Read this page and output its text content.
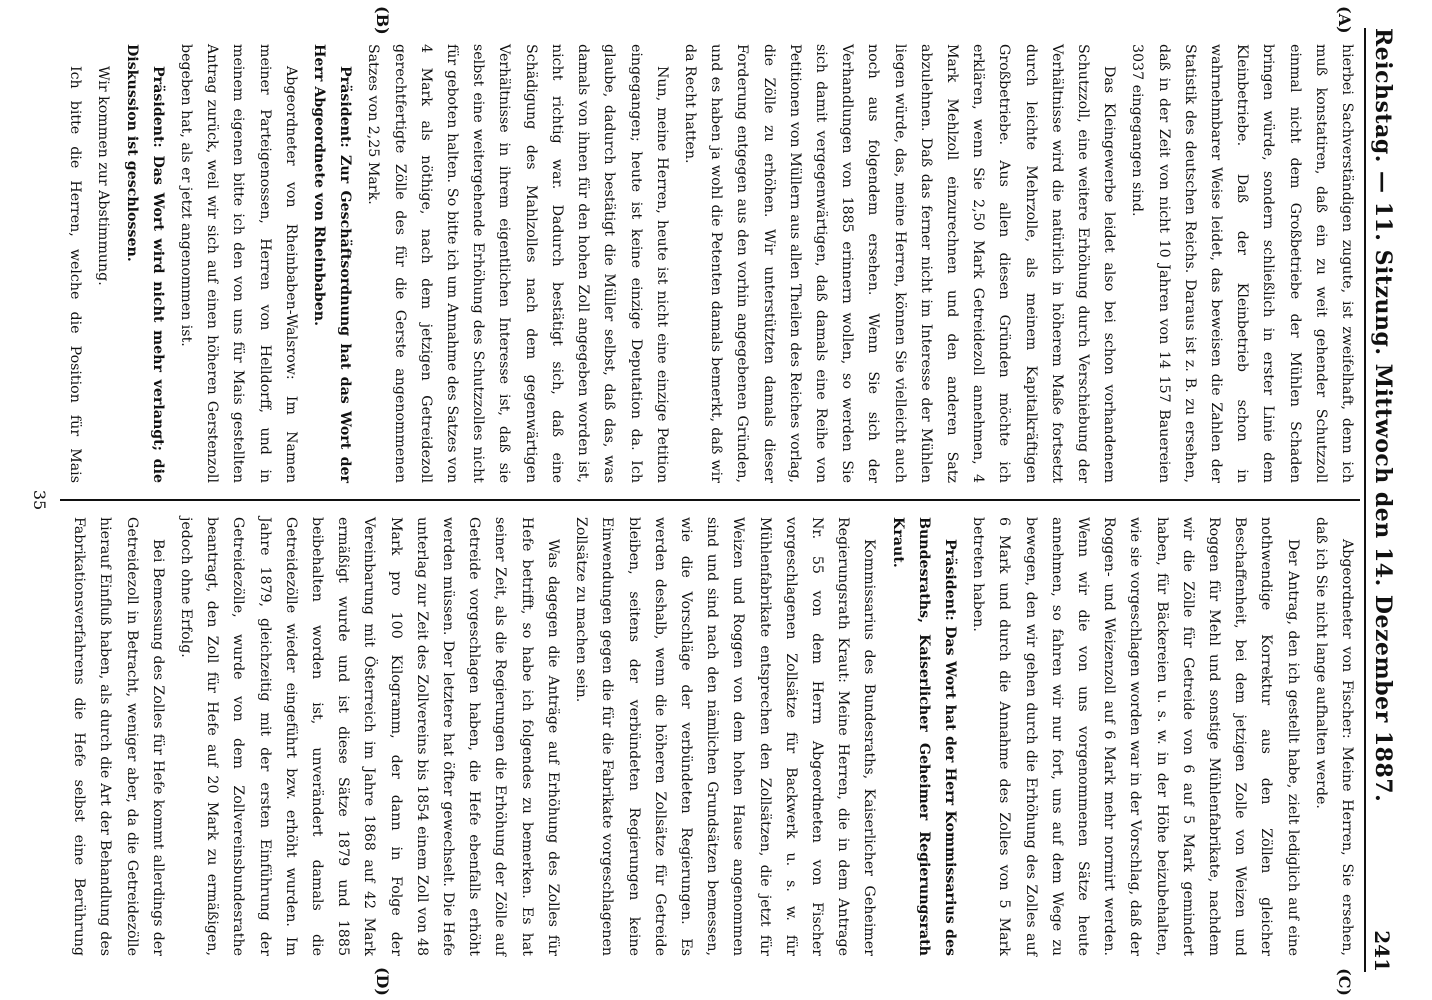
Reichstag. — 11. Sitzung. Mittwoch den 14. Dezember 1887.
241
(A)
(B)
(C)
(D)

hierbei Sachverständigen zugute, ist zweifelhaft, denn ich muß konstatiren, daß ein zu weit gehender Schutzzoll einmal nicht dem Großbetriebe der Mühlen Schaden bringen würde, sondern schließlich in erster Linie dem Kleinbetriebe. Daß der Kleinbetrieb schon in wahrnehmbarer Weise leidet, das beweisen die Zahlen der Statistik des deutschen Reichs. Daraus ist z. B. zu ersehen, daß in der Zeit von nicht 10 Jahren von 14 157 Bauereien 3037 eingegangen sind.

Das Kleingewerbe leidet also bei schon vorhandenem Schutzzoll, eine weitere Erhöhung durch Verschiebung der Verhältnisse wird die natürlich in höherem Maße fortsetzt durch leichte Mehrzolle, als meinem Kapitalkräftigen Großbetriebe. Aus allen diesen Gründen möchte ich erklären, wenn Sie 2,50 Mark Getreidezoll annehmen, 4 Mark Mehlzoll einzurechnen und den anderen Satz abzulehnen. Daß das ferner nicht im Interesse der Mühlen liegen würde, das, meine Herren, können Sie vielleicht auch noch aus folgendem ersehen. Wenn Sie sich der Verhandlungen von 1885 erinnern wollen, so werden Sie sich damit vergegenwärtigen, daß damals eine Reihe von Petitionen von Müllern aus allen Theilen des Reiches vorlag, die Zölle zu erhöhen. Wir unterstützten damals dieser Forderung entgegen aus den vorhin angegebenen Gründen, und es haben ja wohl die Petenten damals bemerkt, daß wir da Recht hatten.

Nun, meine Herren, heute ist nicht eine einzige Petition eingegangen; heute ist keine einzige Deputation da. Ich glaube, dadurch bestätigt die Müller selbst, daß das, was damals von ihnen für den hohen Zoll angegeben worden ist, nicht richtig war. Dadurch bestätigt sich, daß eine Schädigung des Mahlzolles nach dem gegenwärtigen Verhältnisse in ihrem eigentlichen Interesse ist, daß sie selbst eine weitergehende Erhöhung des Schutzzolles nicht für geboten halten. So bitte ich um Annahme des Satzes von 4 Mark als nöthige, nach dem jetzigen Getreidezoll gerechtfertigte Zölle des für die Gerste angenommenen Satzes von 2,25 Mark.

Präsident: Zur Geschäftsordnung hat das Wort der Herr Abgeordnete von Rheinbaben.

Abgeordneter von Rheinbaben-Walsrow: Im Namen meiner Parteigenossen, Herren von Helldorff, und in meinem eigenen bitte ich den von uns für Mais gestellten Antrag zurück, weil wir sich auf einen höheren Gerstenzoll begeben hat, als er jetzt angenommen ist.

Präsident: Das Wort wird nicht mehr verlangt; die Diskussion ist geschlossen.

Wir kommen zur Abstimmung.

Ich bitte die Herren, welche die Position für Mais

Abgeordneter von Fischer: Meine Herren, Sie ersehen, daß ich Sie nicht lange aufhalten werde.

Der Antrag, den ich gestellt habe, zielt lediglich auf eine nothwendige Korrektur aus den Zöllen gleicher Beschaffenheit, bei dem jetzigen Zolle von Weizen und Roggen für Mehl und sonstige Mühlenfabrikate, nachdem wir die Zölle für Getreide von 6 auf 5 Mark gemindert haben, für Bäckereien u. s. w. in der Höhe beizubehalten, wie sie vorgeschlagen worden war in der Vorschlag, daß der Roggen- und Weizenzoll auf 6 Mark mehr normirt werden. Wenn wir die von uns vorgenommenen Sätze heute annehmen, so fahren wir nur fort, uns auf dem Wege zu bewegen, den wir gehen durch die Erhöhung des Zolles auf 6 Mark und durch die Annahme des Zolles von 5 Mark betreten haben.

Präsident: Das Wort hat der Herr Kommissarius des Bundesraths, Kaiserlicher Geheimer Regierungsrath Kraut.

Kommissarius des Bundesraths, Kaiserlicher Geheimer Regierungsrath Kraut: Meine Herren, die in dem Antrage Nr. 55 von dem Herrn Abgeordneten von Fischer vorgeschlagenen Zollsätze für Backwerk u. s. w. für Mühlenfabrikate entsprechen den Zollsätzen, die jetzt für Weizen und Roggen von dem hohen Hause angenommen sind und sind nach den nämlichen Grundsätzen bemessen, wie die Vorschläge der verbündeten Regierungen. Es werden deshalb, wenn die höheren Zollsätze für Getreide bleiben, seitens der verbündeten Regierungen keine Einwendungen gegen die für die Fabrikate vorgeschlagenen Zollsätze zu machen sein.

Was dagegen die Anträge auf Erhöhung des Zolles für Hefe betrifft, so habe ich folgendes zu bemerken. Es hat seiner Zeit, als die Regierungen die Erhöhung der Zölle auf Getreide vorgeschlagen haben, die Hefe ebenfalls erhöht werden müssen. Der letztere hat öfter gewechselt. Die Hefe unterlag zur Zeit des Zollvereins bis 1854 einem Zoll von 48 Mark pro 100 Kilogramm, der dann in Folge der Vereinbarung mit Österreich im Jahre 1868 auf 42 Mark ermäßigt wurde und ist diese Sätze 1879 und 1885 beibehalten worden ist, unverändert damals die Getreidezölle wieder eingeführt bzw. erhöht wurden. Im Jahre 1879, gleichzeitig mit der ersten Einführung der Getreidezölle, wurde von dem Zollvereinsbundesrathe beantragt, den Zoll für Hefe auf 20 Mark zu ermäßigen, jedoch ohne Erfolg.

Bei Bemessung des Zolles für Hefe kommt allerdings der Getreidezoll in Betracht, weniger aber, da die Getreidezölle hierauf Einfluß haben, als durch die Art der Behandlung des Fabrikationsverfahrens die Hefe selbst eine Berührung

35
